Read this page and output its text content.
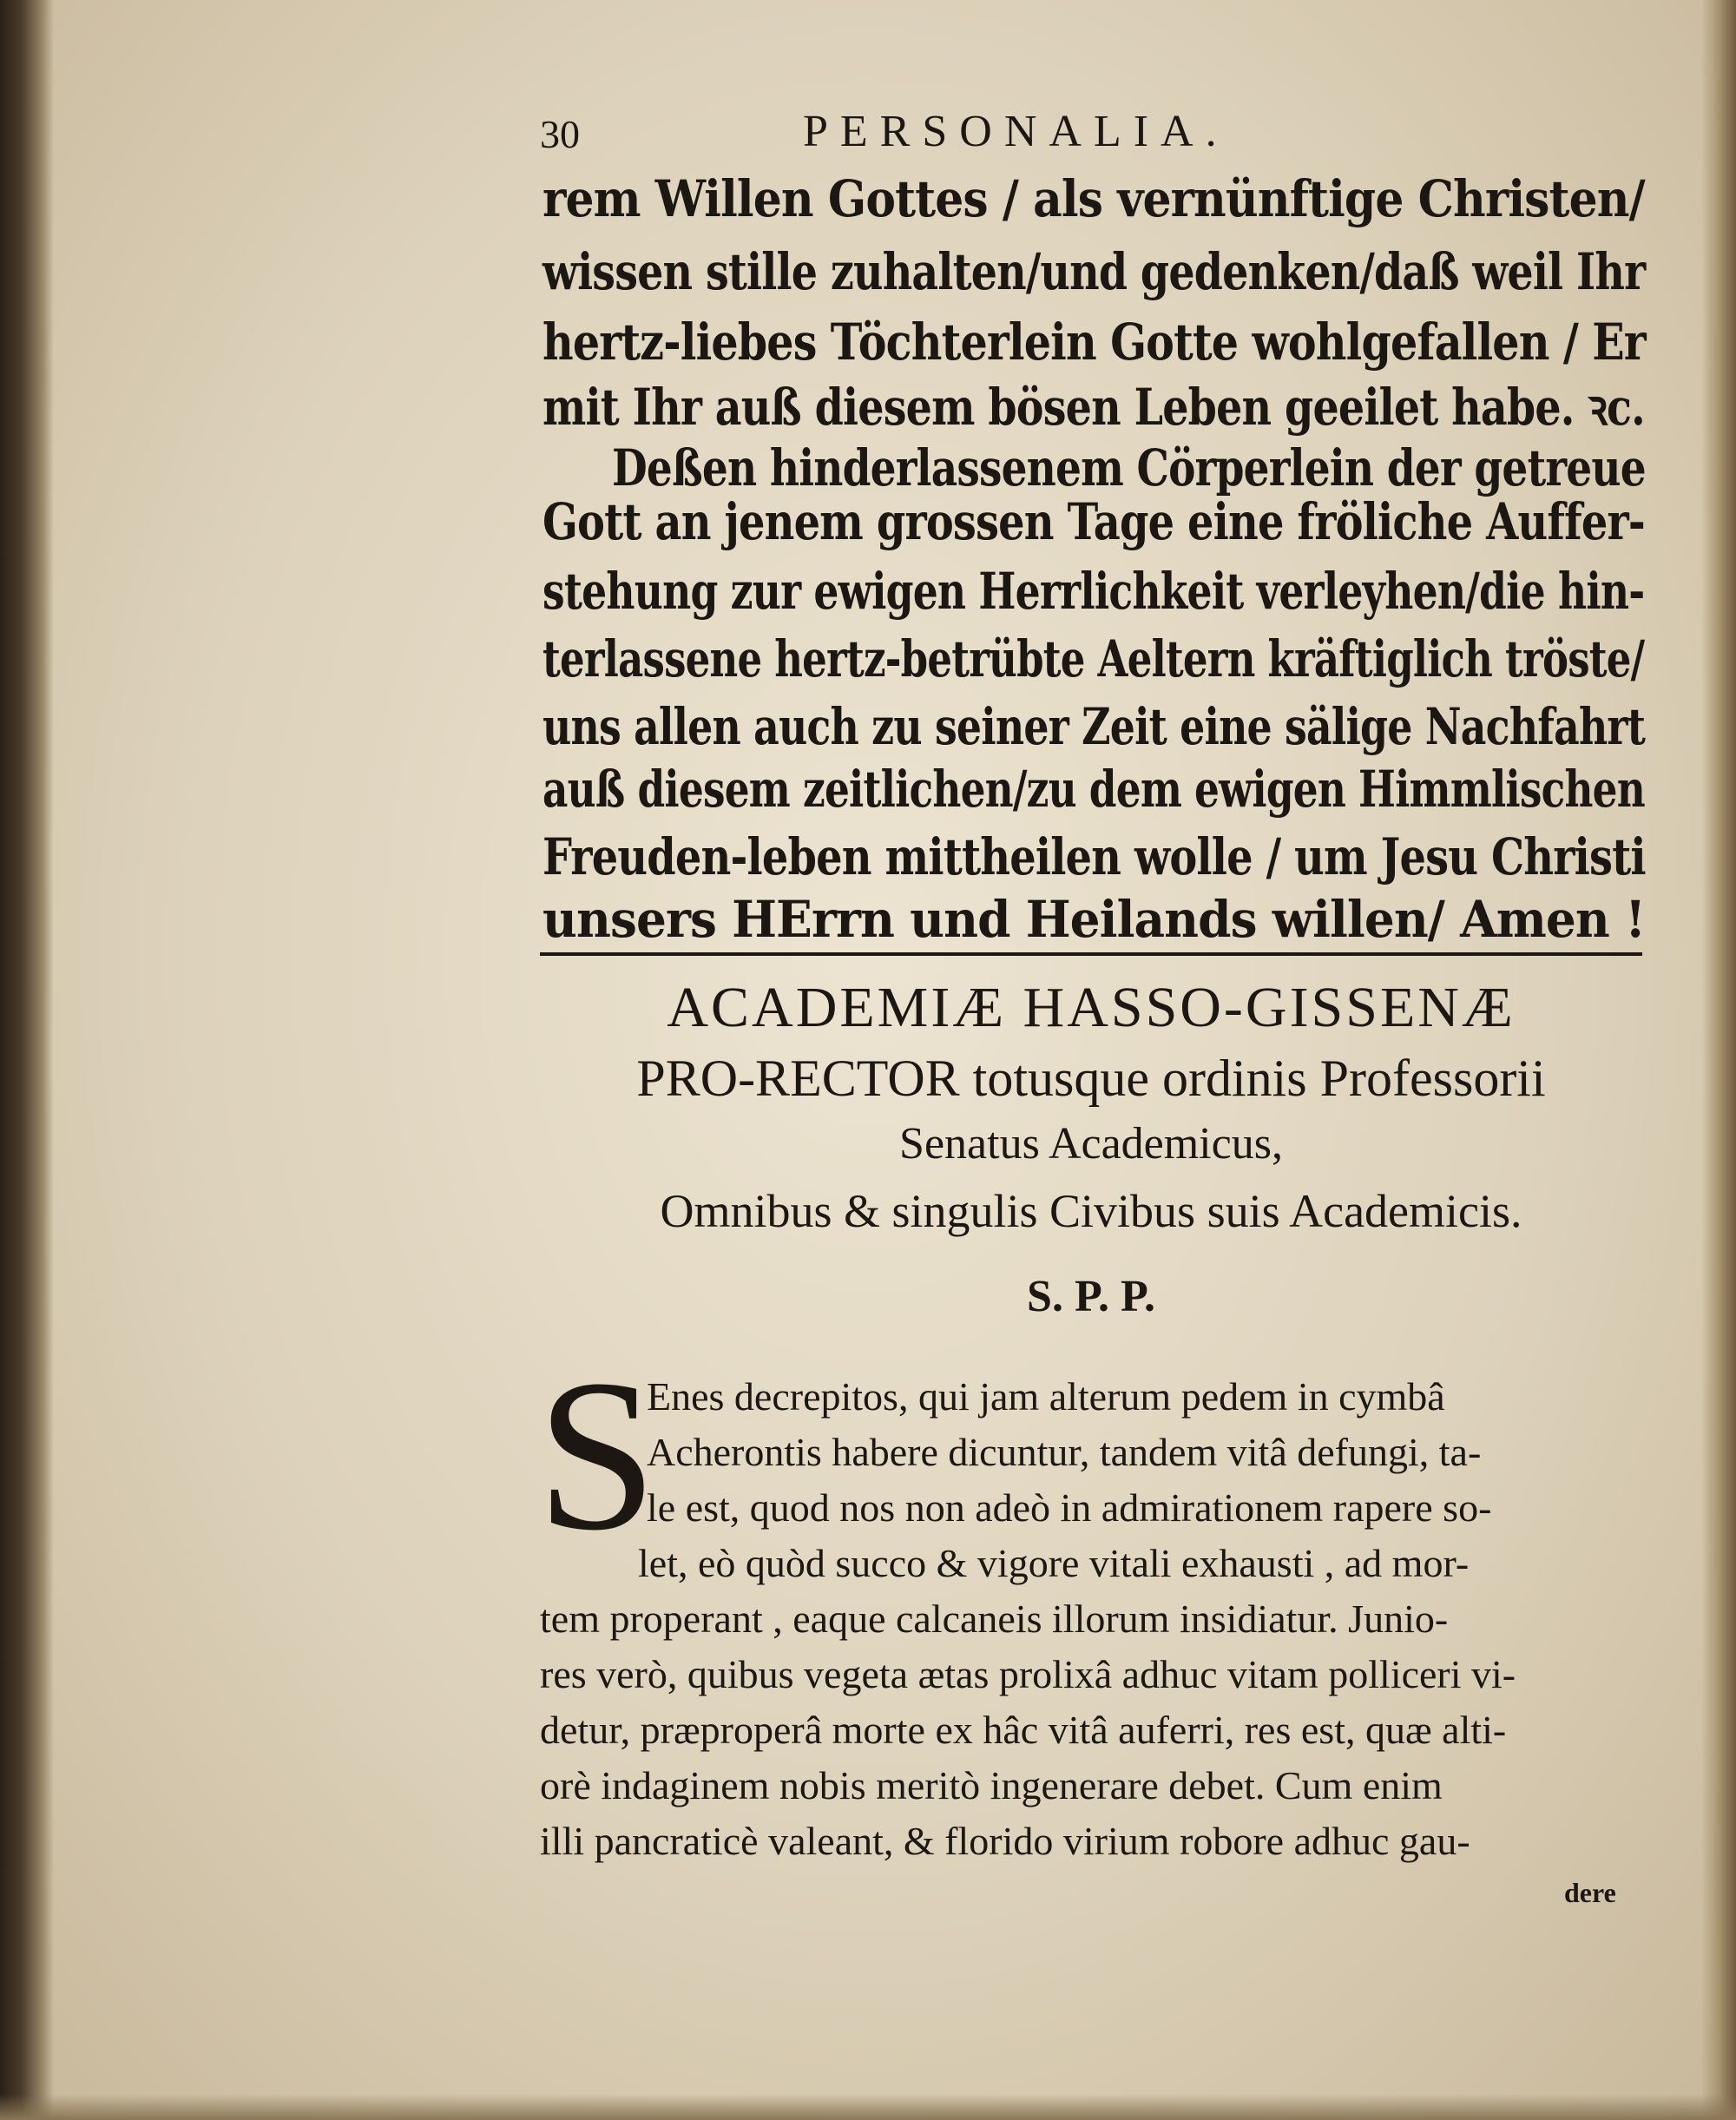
30	PERSONALIA.
rem Willen Gottes / als vernünftige Christen/
wissen stille zuhalten/und gedenken/daß weil Ihr
hertz-liebes Töchterlein Gotte wohlgefallen / Er
mit Ihr auß diesem bösen Leben geeilet habe. ꝛc.
Deßen hinderlassenem Cörperlein der getreue
Gott an jenem grossen Tage eine fröliche Auffer-
stehung zur ewigen Herrlichkeit verleyhen/die hin-
terlassene hertz-betrübte Aeltern kräftiglich tröste/
uns allen auch zu seiner Zeit eine sälige Nachfahrt
auß diesem zeitlichen/zu dem ewigen Himmlischen
Freuden-leben mittheilen wolle / um Jesu Christi
unsers HErrn und Heilands willen/ Amen !
ACADEMIÆ HASSO-GISSENÆ
PRO-RECTOR totusque ordinis Professorii
Senatus Academicus,
Omnibus & singulis Civibus suis Academicis.
S. P. P.
S
Enes decrepitos, qui jam alterum pedem in cymbâ
Acherontis habere dicuntur, tandem vitâ defungi, ta-
le est, quod nos non adeò in admirationem rapere so-
let, eò quòd succo & vigore vitali exhausti , ad mor-
tem properant , eaque calcaneis illorum insidiatur. Junio-
res verò, quibus vegeta ætas prolixâ adhuc vitam polliceri vi-
detur, præproperâ morte ex hâc vitâ auferri, res est, quæ alti-
orè indaginem nobis meritò ingenerare debet. Cum enim
illi pancraticè valeant, & florido virium robore adhuc gau-
dere
